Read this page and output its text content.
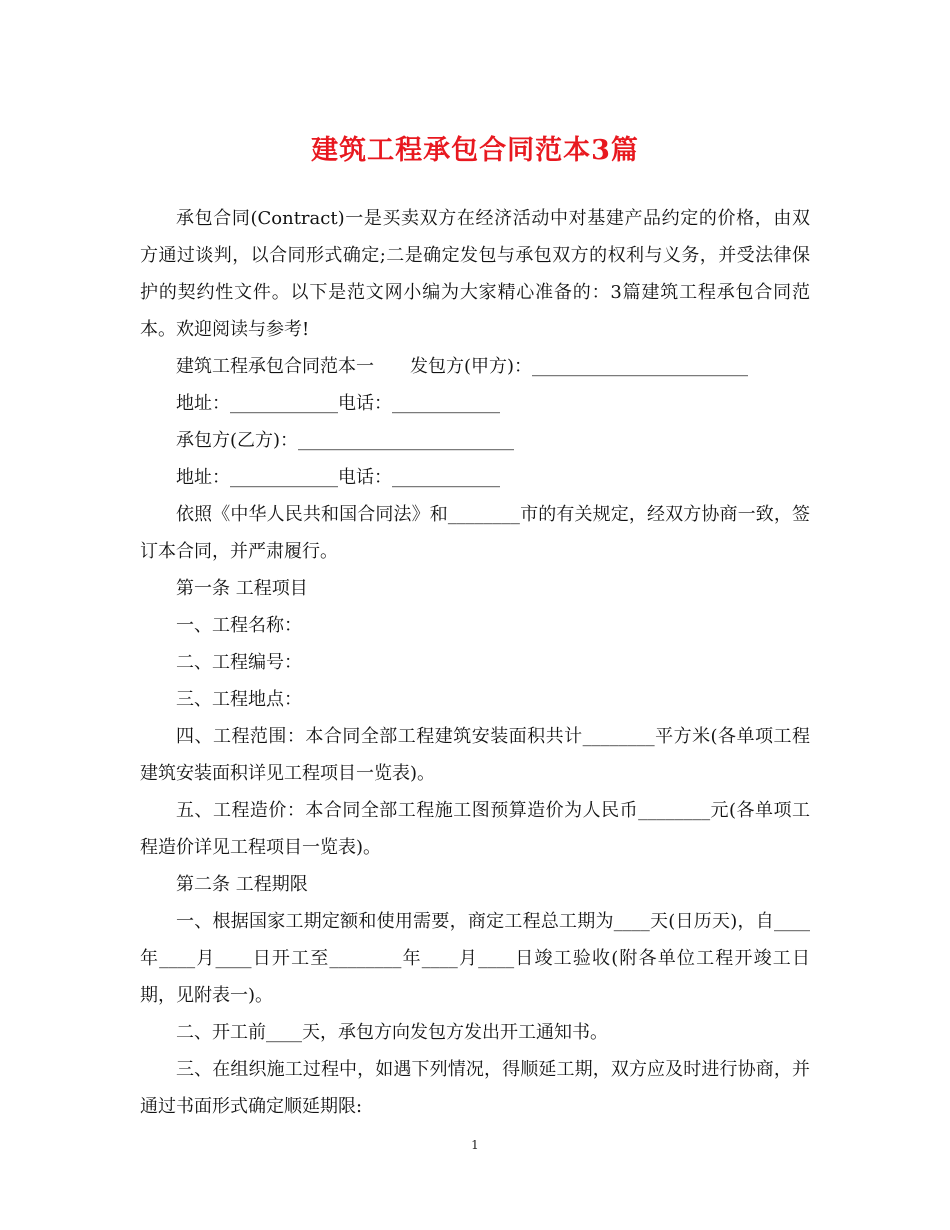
建筑工程承包合同范本3篇

承包合同(Contract)一是买卖双方在经济活动中对基建产品约定的价格，由双方通过谈判，以合同形式确定;二是确定发包与承包双方的权利与义务，并受法律保护的契约性文件。以下是范文网小编为大家精心准备的：3篇建筑工程承包合同范本。欢迎阅读与参考!

建筑工程承包合同范本一　　发包方(甲方)：________________________

地址：____________电话：____________

承包方(乙方)：________________________

地址：____________电话：____________

依照《中华人民共和国合同法》和________市的有关规定，经双方协商一致，签订本合同，并严肃履行。

第一条 工程项目

一、工程名称：

二、工程编号：

三、工程地点：

四、工程范围：本合同全部工程建筑安装面积共计________平方米(各单项工程建筑安装面积详见工程项目一览表)。

五、工程造价：本合同全部工程施工图预算造价为人民币________元(各单项工程造价详见工程项目一览表)。

第二条 工程期限

一、根据国家工期定额和使用需要，商定工程总工期为____天(日历天)，自____年____月____日开工至________年____月____日竣工验收(附各单位工程开竣工日期，见附表一)。

二、开工前____天，承包方向发包方发出开工通知书。

三、在组织施工过程中，如遇下列情况，得顺延工期，双方应及时进行协商，并通过书面形式确定顺延期限:

1
